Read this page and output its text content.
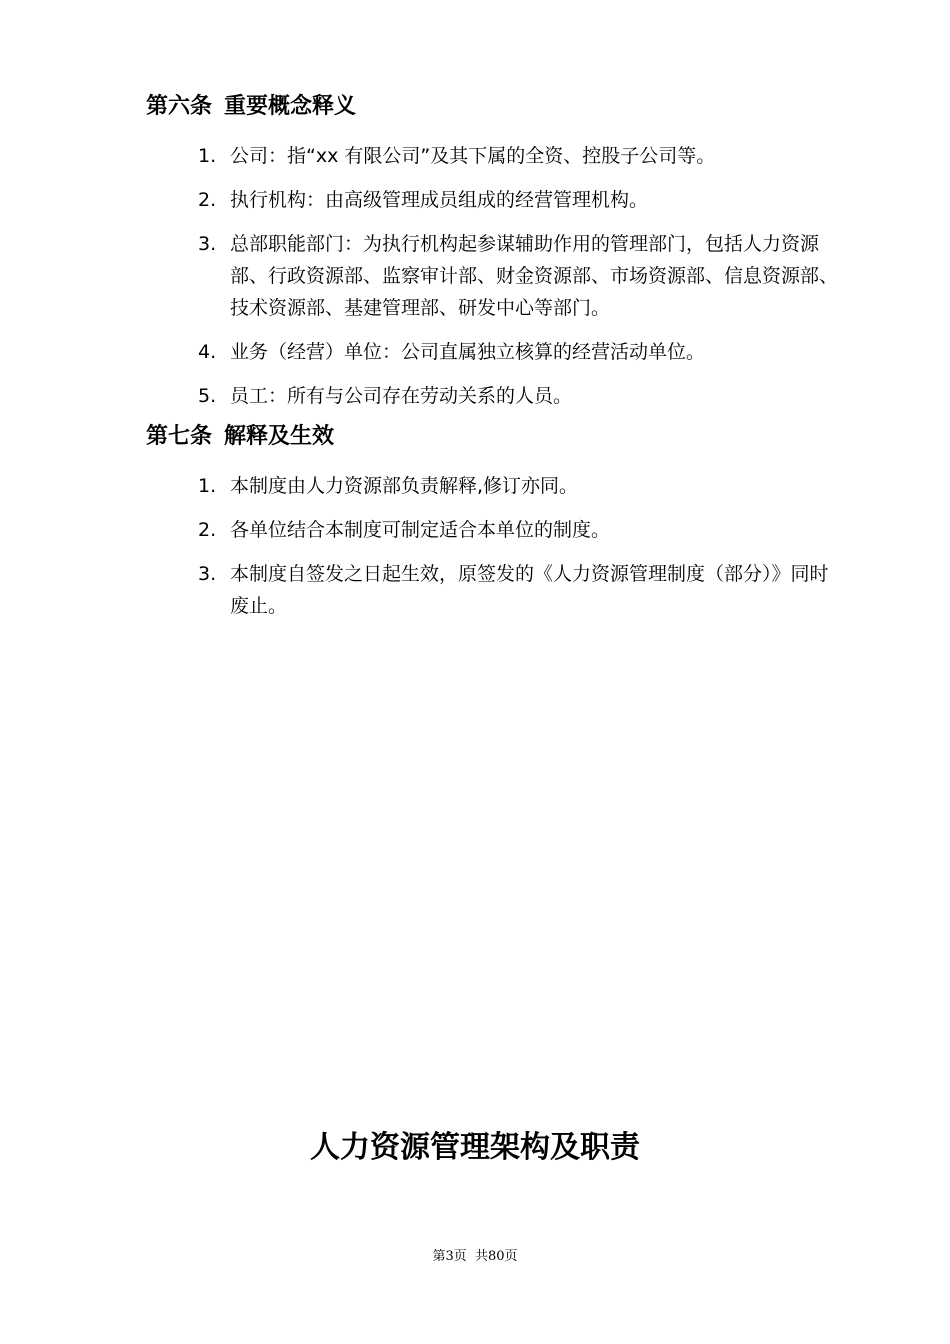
第六条 重要概念释义
1. 公司：指“xx 有限公司”及其下属的全资、控股子公司等。
2. 执行机构：由高级管理成员组成的经营管理机构。
3. 总部职能部门：为执行机构起参谋辅助作用的管理部门，包括人力资源部、行政资源部、监察审计部、财金资源部、市场资源部、信息资源部、技术资源部、基建管理部、研发中心等部门。
4. 业务（经营）单位：公司直属独立核算的经营活动单位。
5. 员工：所有与公司存在劳动关系的人员。
第七条 解释及生效
1. 本制度由人力资源部负责解释,修订亦同。
2. 各单位结合本制度可制定适合本单位的制度。
3. 本制度自签发之日起生效，原签发的《人力资源管理制度（部分）》同时废止。
人力资源管理架构及职责
第3页 共80页
